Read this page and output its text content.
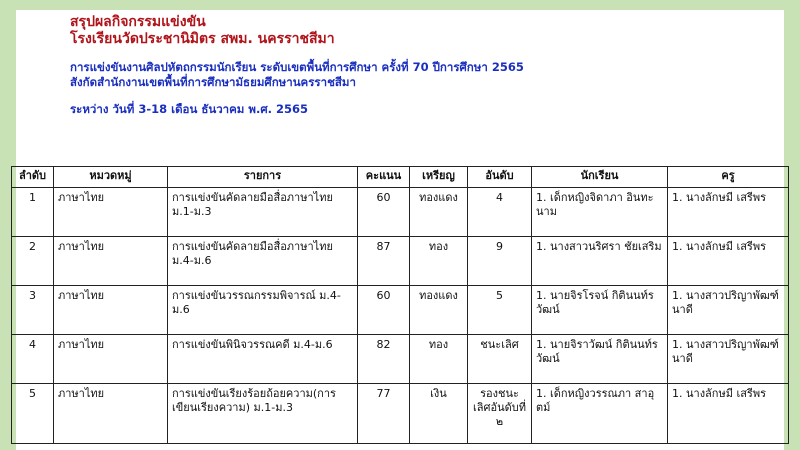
สรุปผลกิจกรรมแข่งขัน

โรงเรียนวัดประชานิมิตร สพม. นครราชสีมา

การแข่งขันงานศิลปหัตถกรรมนักเรียน ระดับเขตพื้นที่การศึกษา ครั้งที่ 70 ปีการศึกษา 2565

สังกัดสำนักงานเขตพื้นที่การศึกษามัธยมศึกษานครราชสีมา

ระหว่าง วันที่ 3-18 เดือน ธันวาคม พ.ศ. 2565

ลำดับ	หมวดหมู่	รายการ	คะแนน	เหรียญ	อันดับ	นักเรียน	ครู
1	ภาษาไทย	การแข่งขันคัดลายมือสื่อภาษาไทย ม.1-ม.3	60	ทองแดง	4	1. เด็กหญิงจิดาภา อินทะนาม	1. นางลักษมี เสรีพร
2	ภาษาไทย	การแข่งขันคัดลายมือสื่อภาษาไทย ม.4-ม.6	87	ทอง	9	1. นางสาวนริศรา ชัยเสริม	1. นางลักษมี เสรีพร
3	ภาษาไทย	การแข่งขันวรรณกรรมพิจารณ์ ม.4-ม.6	60	ทองแดง	5	1. นายจิรโรจน์ กิตินนท์รวัฒน์	1. นางสาวปริญาพัฒฑ์ นาดี
4	ภาษาไทย	การแข่งขันพินิจวรรณคดี ม.4-ม.6	82	ทอง	ชนะเลิศ	1. นายจิราวัฒน์ กิตินนท์รวัฒน์	1. นางสาวปริญาพัฒฑ์ นาดี
5	ภาษาไทย	การแข่งขันเรียงร้อยถ้อยความ(การเขียนเรียงความ) ม.1-ม.3	77	เงิน	รองชนะเลิศอันดับที่ ๒	1. เด็กหญิงวรรณภา สาอุตม์	1. นางลักษมี เสรีพร
